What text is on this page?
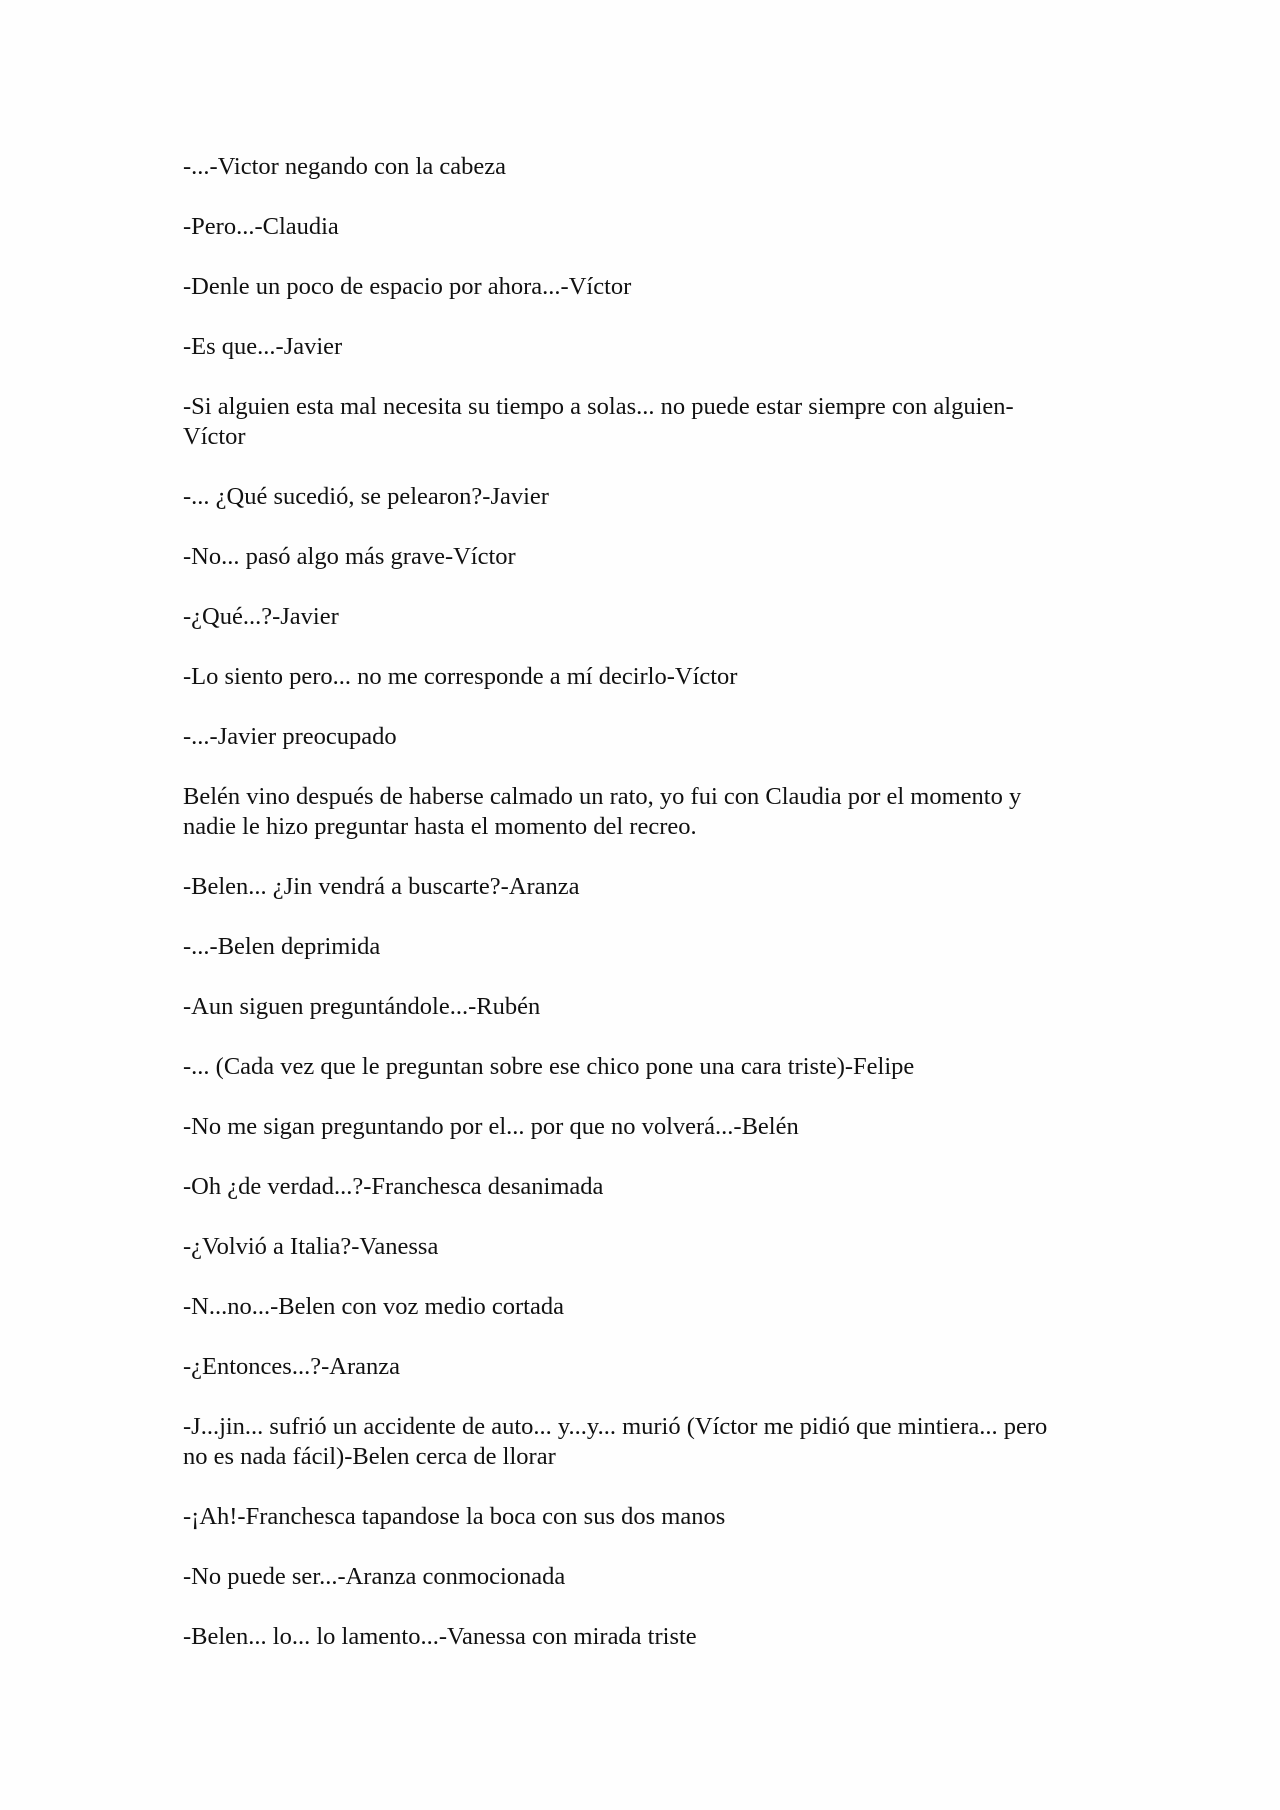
-...-Victor negando con la cabeza

-Pero...-Claudia

-Denle un poco de espacio por ahora...-Víctor

-Es que...-Javier

-Si alguien esta mal necesita su tiempo a solas... no puede estar siempre con alguien-
Víctor

-... ¿Qué sucedió, se pelearon?-Javier

-No... pasó algo más grave-Víctor

-¿Qué...?-Javier

-Lo siento pero... no me corresponde a mí decirlo-Víctor

-...-Javier preocupado

Belén vino después de haberse calmado un rato, yo fui con Claudia por el momento y
nadie le hizo preguntar hasta el momento del recreo.

-Belen... ¿Jin vendrá a buscarte?-Aranza

-...-Belen deprimida

-Aun siguen preguntándole...-Rubén

-... (Cada vez que le preguntan sobre ese chico pone una cara triste)-Felipe

-No me sigan preguntando por el... por que no volverá...-Belén

-Oh ¿de verdad...?-Franchesca desanimada

-¿Volvió a Italia?-Vanessa

-N...no...-Belen con voz medio cortada

-¿Entonces...?-Aranza

-J...jin... sufrió un accidente de auto... y...y... murió (Víctor me pidió que mintiera... pero
no es nada fácil)-Belen cerca de llorar

-¡Ah!-Franchesca tapandose la boca con sus dos manos

-No puede ser...-Aranza conmocionada

-Belen... lo... lo lamento...-Vanessa con mirada triste
